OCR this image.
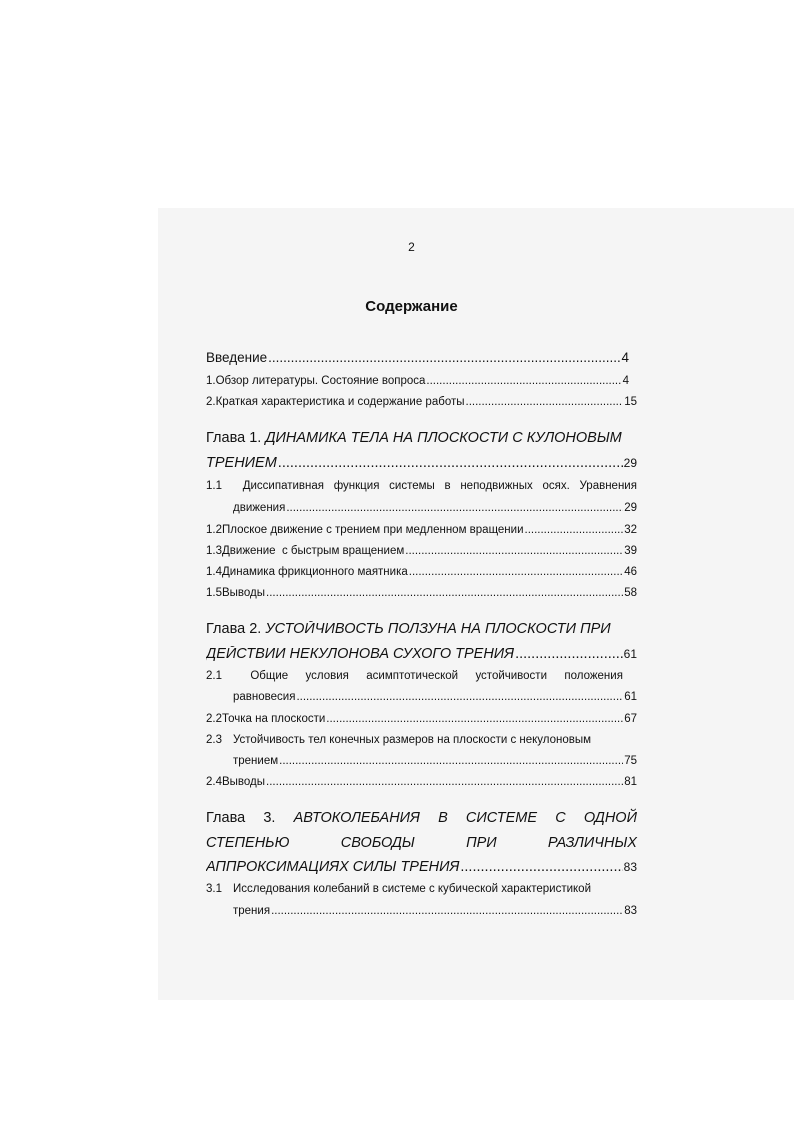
2
Содержание
Введение .....	4
1. Обзор литературы. Состояние вопроса .....	4
2. Краткая характеристика и содержание работы .....	15
Глава 1.
ДИНАМИКА ТЕЛА НА ПЛОСКОСТИ С КУЛОНОВЫМ
ТРЕНИЕМ .....	29
1.1	Диссипативная функция системы в неподвижных осях. Уравнения
движения .....	29
1.2 Плоское движение с трением при медленном вращении .....	32
1.3 Движение  с быстрым вращением .....	39
1.4 Динамика фрикционного маятника .....	46
1.5 Выводы .....	58
Глава 2.
УСТОЙЧИВОСТЬ ПОЛЗУНА НА ПЛОСКОСТИ ПРИ
ДЕЙСТВИИ НЕКУЛОНОВА СУХОГО ТРЕНИЯ .....	61
2.1	Общие условия асимптотической устойчивости положения
равновесия .....	61
2.2 Точка на плоскости .....	67
2.3 Устойчивость тел конечных размеров на плоскости с некулоновым
трением .....	75
2.4 Выводы .....	81
Глава 3. АВТОКОЛЕБАНИЯ В СИСТЕМЕ С ОДНОЙ
СТЕПЕНЬЮ	СВОБОДЫ	ПРИ	РАЗЛИЧНЫХ
АППРОКСИМАЦИЯХ СИЛЫ ТРЕНИЯ .....	83
3.1 Исследования колебаний в системе с кубической характеристикой
трения .....	83
